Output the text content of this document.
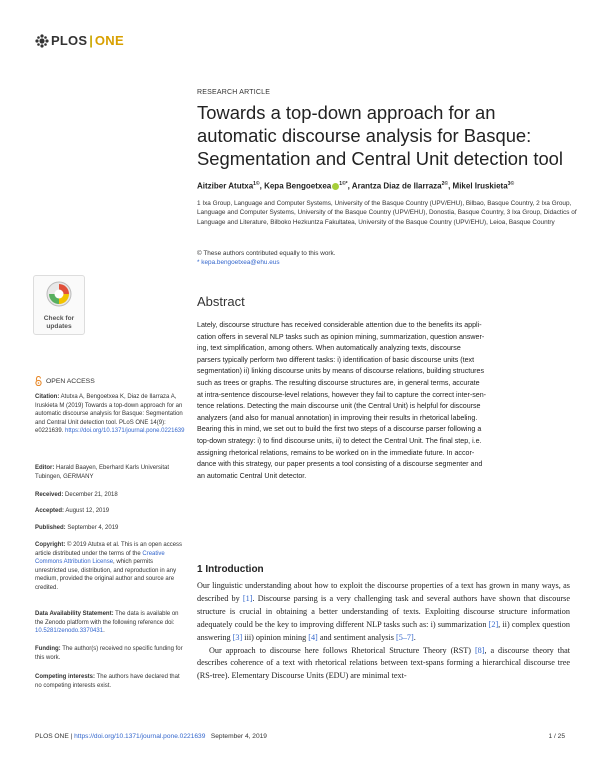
PLOS | ONE
RESEARCH ARTICLE
Towards a top-down approach for an automatic discourse analysis for Basque: Segmentation and Central Unit detection tool
Aitziber Atutxa$^{1©}$, Kepa Bengoetxea $^{1©*}$, Arantza Diaz de Ilarraza$^{2©}$, Mikel Iruskieta$^{3©}$
1 Ixa Group, Language and Computer Systems, University of the Basque Country (UPV/EHU), Bilbao, Basque Country, 2 Ixa Group, Language and Computer Systems, University of the Basque Country (UPV/EHU), Donostia, Basque Country, 3 Ixa Group, Didactics of Language and Literature, Bilboko Hezkuntza Fakultatea, University of the Basque Country (UPV/EHU), Leioa, Basque Country
© These authors contributed equally to this work.
* kepa.bengoetxea@ehu.eus
Abstract
Lately, discourse structure has received considerable attention due to the benefits its appli-
cation offers in several NLP tasks such as opinion mining, summarization, question answer-
ing, text simplification, among others. When automatically analyzing texts, discourse
parsers typically perform two different tasks: i) identification of basic discourse units (text
segmentation) ii) linking discourse units by means of discourse relations, building structures
such as trees or graphs. The resulting discourse structures are, in general terms, accurate
at intra-sentence discourse-level relations, however they fail to capture the correct inter-sen-
tence relations. Detecting the main discourse unit (the Central Unit) is helpful for discourse
analyzers (and also for manual annotation) in improving their results in rhetorical labeling.
Bearing this in mind, we set out to build the first two steps of a discourse parser following a
top-down strategy: i) to find discourse units, ii) to detect the Central Unit. The final step, i.e.
assigning rhetorical relations, remains to be worked on in the immediate future. In accor-
dance with this strategy, our paper presents a tool consisting of a discourse segmenter and
an automatic Central Unit detector.
1 Introduction

Our linguistic understanding about how to exploit the discourse properties of a text has grown in many ways, as described by [1]. Discourse parsing is a very challenging task and several authors have shown that discourse structure is crucial in obtaining a better understanding of texts. Exploiting discourse structure information adequately could be the key to improving different NLP tasks such as: i) summarization [2], ii) complex question answering [3] iii) opinion mining [4] and sentiment analysis [5–7].

Our approach to discourse here follows Rhetorical Structure Theory (RST) [8], a discourse theory that describes coherence of a text with rhetorical relations between text-spans forming a hierarchical discourse tree (RS-tree). Elementary Discourse Units (EDU) are minimal text-

Check for
updates
OPEN ACCESS
Citation: Atutxa A, Bengoetxea K, Diaz de Ilarraza A, Iruskieta M (2019) Towards a top-down approach for an automatic discourse analysis for Basque: Segmentation and Central Unit detection tool. PLoS ONE 14(9): e0221639. https://doi.org/10.1371/journal.pone.0221639
Editor: Harald Baayen, Eberhard Karls Universitat Tubingen, GERMANY
Received: December 21, 2018
Accepted: August 12, 2019
Published: September 4, 2019
Copyright: © 2019 Atutxa et al. This is an open access article distributed under the terms of the Creative Commons Attribution License, which permits unrestricted use, distribution, and reproduction in any medium, provided the original author and source are credited.
Data Availability Statement: The data is available on the Zenodo platform with the following reference doi: 10.5281/zenodo.3370431.
Funding: The author(s) received no specific funding for this work.
Competing interests: The authors have declared that no competing interests exist.
PLOS ONE | https://doi.org/10.1371/journal.pone.0221639 September 4, 2019	1 / 25
